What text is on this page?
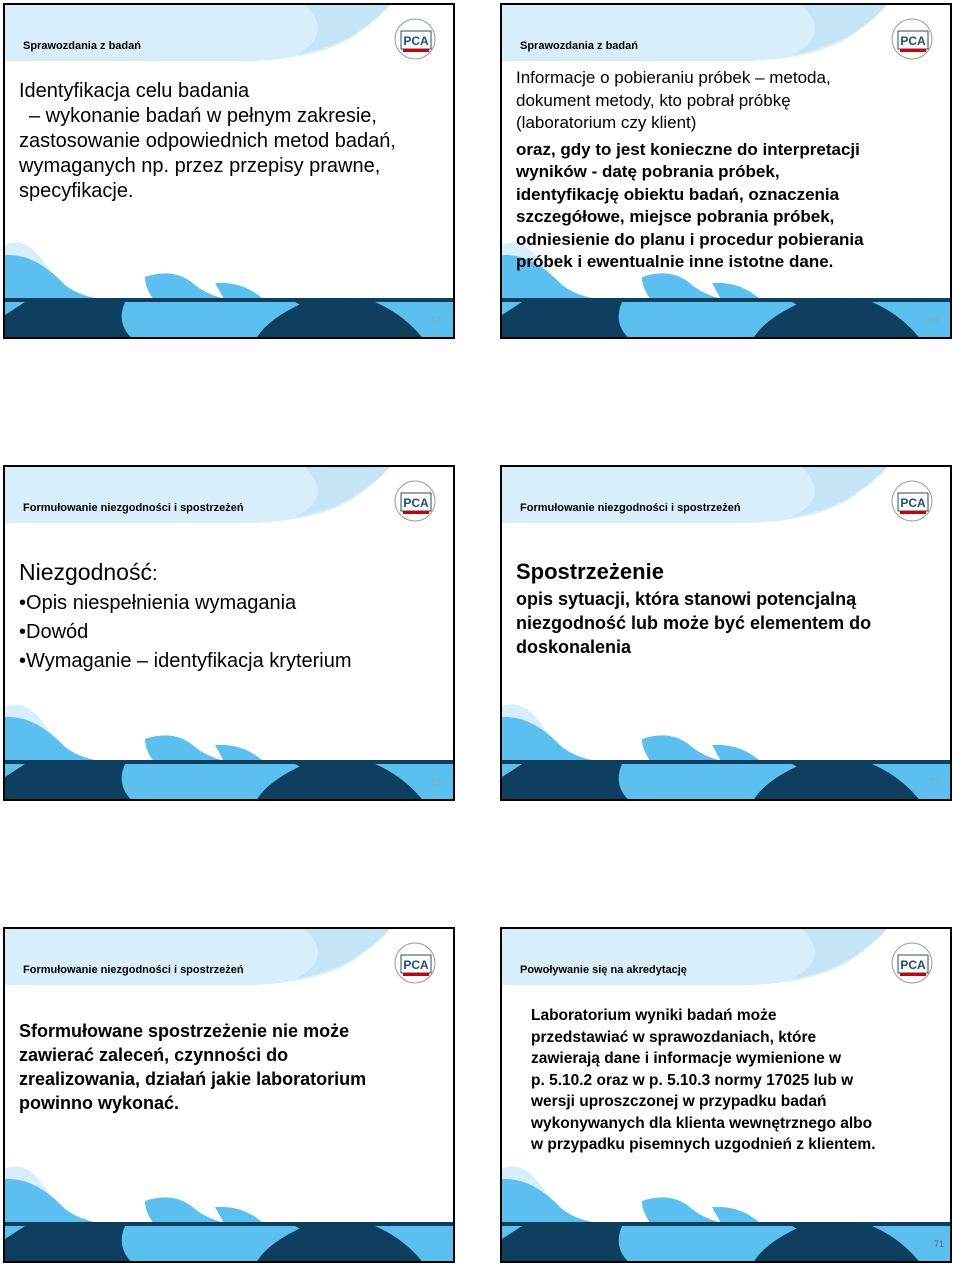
Sprawozdania z badań	PCA

Identyfikacja celu badania

– wykonanie badań w pełnym zakresie,

zastosowanie odpowiednich metod badań,

wymaganych np. przez przepisy prawne,

specyfikacje.

67
Sprawozdania z badań	PCA

Informacje o pobieraniu próbek – metoda,

dokument metody, kto pobrał próbkę

(laboratorium czy klient)

oraz, gdy to jest konieczne do interpretacji

wyników - datę pobrania próbek,

identyfikację obiektu badań, oznaczenia

szczegółowe, miejsce pobrania próbek,

odniesienie do planu i procedur pobierania

próbek i ewentualnie inne istotne dane.

68
Formułowanie niezgodności i spostrzeżeń	PCA

Niezgodność:

• Opis niespełnienia wymagania

• Dowód

• Wymaganie – identyfikacja kryterium

69
Formułowanie niezgodności i spostrzeżeń	PCA

Spostrzeżenie

opis sytuacji, która stanowi potencjalną

niezgodność lub może być elementem do

doskonalenia

70
Formułowanie niezgodności i spostrzeżeń	PCA

Sformułowane spostrzeżenie nie może

zawierać zaleceń, czynności do

zrealizowania, działań jakie laboratorium

powinno wykonać.

Powoływanie się na akredytację	PCA

Laboratorium wyniki badań może

przedstawiać w sprawozdaniach, które

zawierają dane i informacje wymienione w

p. 5.10.2 oraz w p. 5.10.3 normy 17025 lub w

wersji uproszczonej w przypadku badań

wykonywanych dla klienta wewnętrznego albo

w przypadku pisemnych uzgodnień z klientem.

71
